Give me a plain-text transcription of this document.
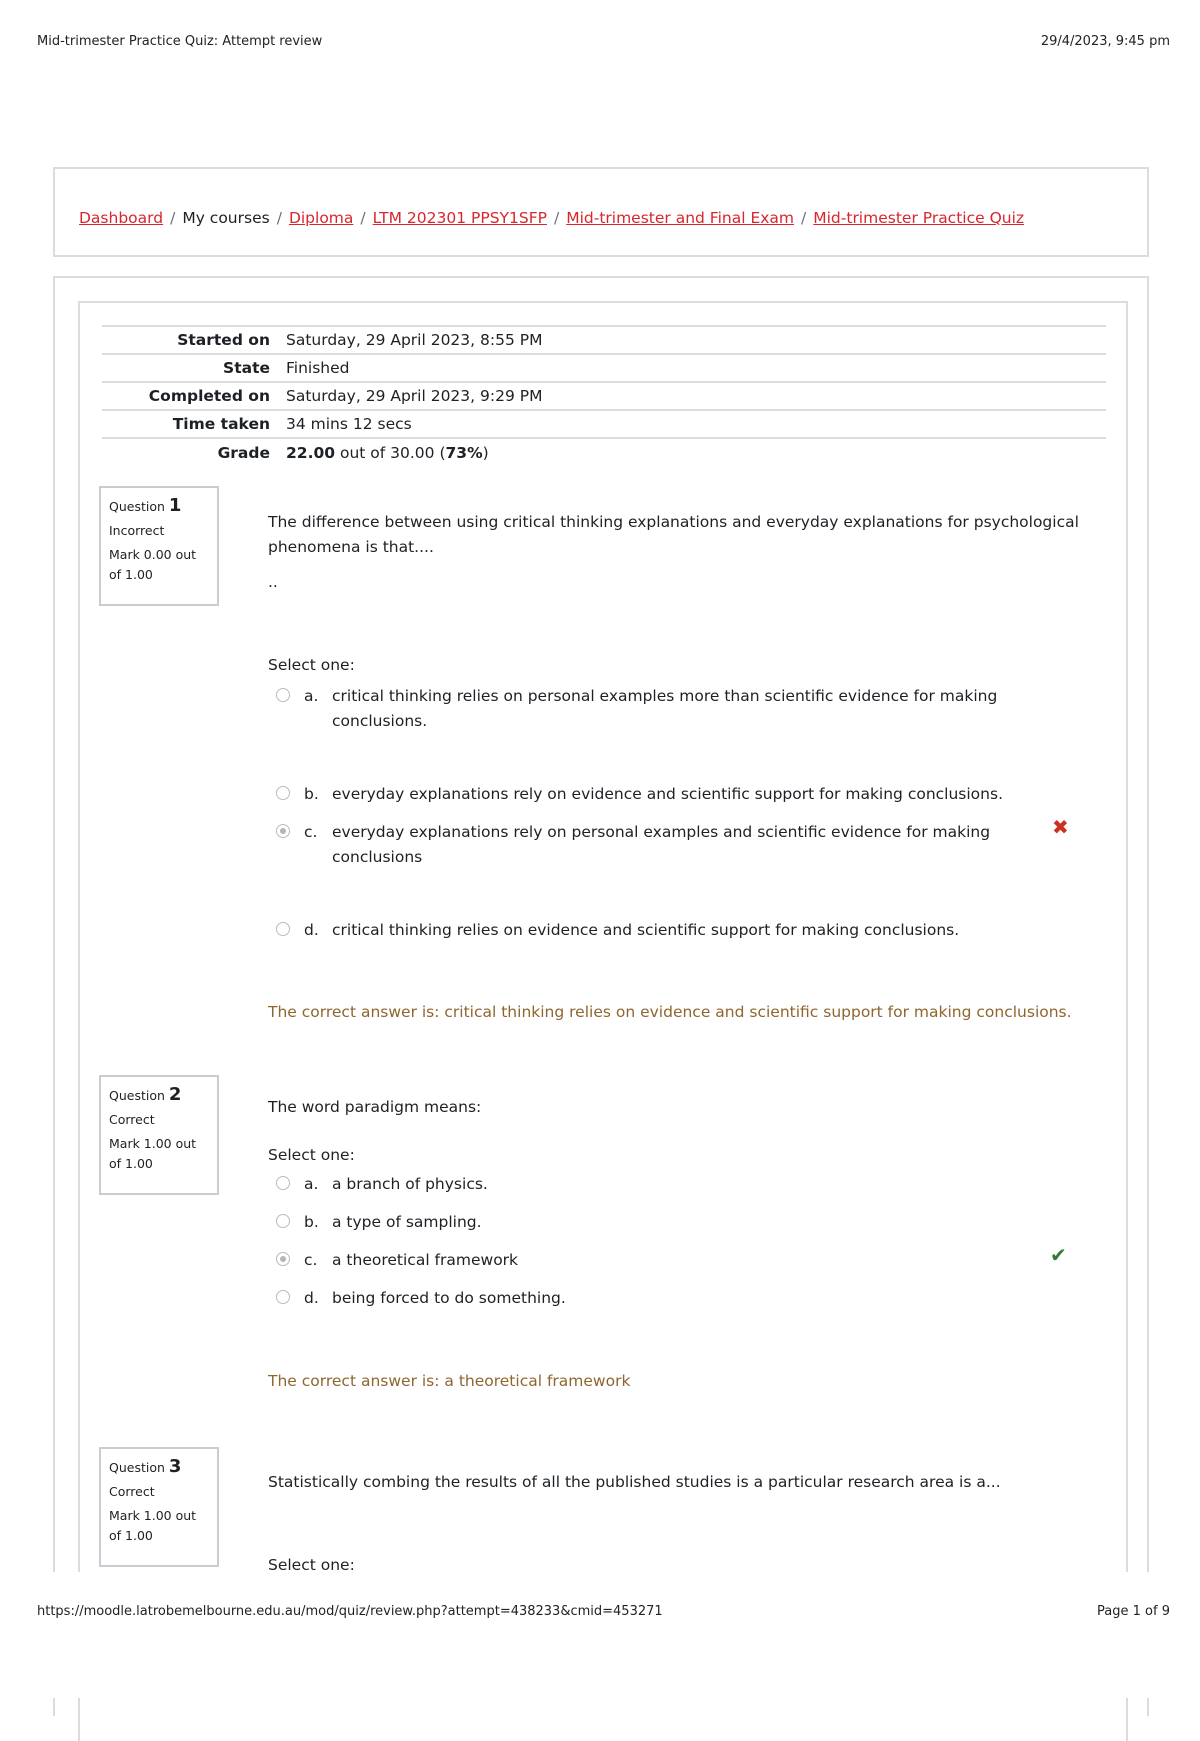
Mid-trimester Practice Quiz: Attempt review	29/4/2023, 9:45 pm
Dashboard / My courses / Diploma / LTM 202301 PPSY1SFP / Mid-trimester and Final Exam / Mid-trimester Practice Quiz
Started on	Saturday, 29 April 2023, 8:55 PM
State	Finished
Completed on	Saturday, 29 April 2023, 9:29 PM
Time taken	34 mins 12 secs
Grade	22.00 out of 30.00 (73%)
Question 1
Incorrect
Mark 0.00 out of 1.00
The difference between using critical thinking explanations and everyday explanations for psychological phenomena is that....
..
Select one:
a. critical thinking relies on personal examples more than scientific evidence for making conclusions.
b. everyday explanations rely on evidence and scientific support for making conclusions.
c. everyday explanations rely on personal examples and scientific evidence for making conclusions
✖
d. critical thinking relies on evidence and scientific support for making conclusions.
The correct answer is: critical thinking relies on evidence and scientific support for making conclusions.
Question 2
Correct
Mark 1.00 out of 1.00
The word paradigm means:
Select one:
a. a branch of physics.
b. a type of sampling.
c. a theoretical framework	✔
d. being forced to do something.
The correct answer is: a theoretical framework
Question 3
Correct
Mark 1.00 out of 1.00
Statistically combing the results of all the published studies is a particular research area is a...
Select one:
https://moodle.latrobemelbourne.edu.au/mod/quiz/review.php?attempt=438233&cmid=453271	Page 1 of 9
